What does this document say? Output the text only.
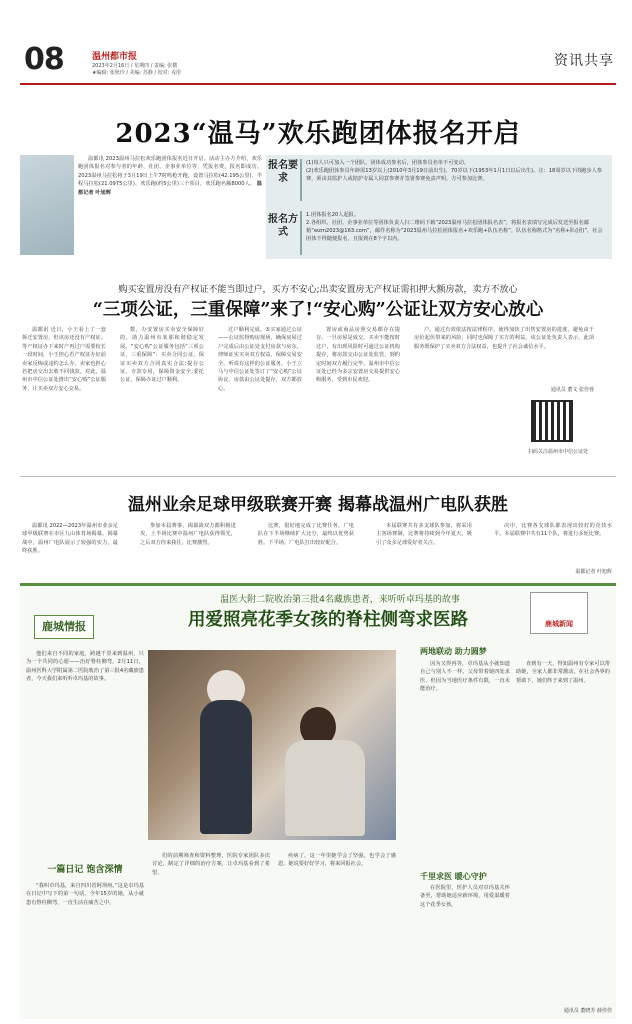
08	温州都市报
2023年2月16日 / 星期四 / 责编: 张横
★编辑: 张秋玲 / 美编: 苏静 / 校对: 戎彤
资讯共享
2023“温马”欢乐跑团体报名开启
温都讯 2023温州马拉松欢乐跑团体报名近日开启。活动主办方介绍，欢乐跑团体报名对参与者的年龄、社团、企事业单位等，凭报名费，报名即成功。2023温州马拉松将于3月19日上午7时鸣枪开跑，设置马拉松(42.195公里)、半程马拉松(21.0975公里)、欢乐跑(约5公里)三个项目，欢乐跑名额8000人。 温都记者 叶旭辉
报名要求
(1)每人只可加入一个团队，团体成功参名后，团体参员名单不可变动。
(2)欢乐跑团体参员年龄需13岁以上(2010年3月19日前出生)，70岁以下(1953年1月1日以后出生)。注：18周岁以下的跑步人参赛，须由其监护人或陪护专属人同意参赛并签署参赛免责声明，方可参加比赛。
报名方式
1.团体报名20人起报。
2.各组织、社团、企事业单位等团体负责人扫二维码下载“2023温州马拉松团体报名表”，将报名表填写完成后发送至报名邮箱“wzm2023@163.com”，邮件名称为“2023温州马拉松团体报名+欢乐跑+队伍名称”，队伍名称格式为“名称+队(团)”，社会团体不得随便报名，且报到在8个字以内。
购买安置房没有产权证不能当即过户，买方不安心;出卖安置房无产权证需扣押大额房款，卖方不放心
“三项公证，三重保障”来了!“安心购”公证让双方安心放心
温都讯 近日，小王看上了一套拆迁安置房，但该房还没有产权证。等产权证办下来时产再过户需要较长一段时间，小王担心若产权证办好前卖家反悔或违约怎么办。卖家也担心若把房交出去收不回钱款。对此，温州市中信公证处推出“安心购”公证服务，让买卖双方安心交易。
数，办安置房买卖安全保障好的，助力温州市某那和谐稳定发展。“安心购”公证服务包括“三项公证，三重保障”：买卖合同公证，保证买卖双方合同真实合法;提存公证，专款专用，保障资金安全;委托公证，保障办证过户顺利。
过户顺利完成。⑤买家通过公证——公证监督购房现场，确保房屋过户完成后由公证处支付房款与房东。律师证实买卖双方权益，保障交易安全。听说有这样的公证服务，小王立马与中信公证处签订了“安心购”公证协议，房款由公证处提存，双方都放心。
置房或商品房照交易都存在提存。一旦房屋是成交，买卖不能按时过户，有出现风险时可通过公证机构提存，将房款交由公证处监管，到约定时间双方履行完毕。温州市中信公证处已经为多宗安置房交易提供安心购服务，受到市民欢迎。
户。通过有效依法按法律程序，使得加快了出售安置房的进度，避免由于房价起伏带来的风险，同时也保障了买方的利益。该公证处负责人表示，此项服务既保护了买卖双方合法权益，也提升了社会诚信水平。
通讯员 董文 张佳蓉
扫码关注温州市中信公证处
温州业余足球甲级联赛开赛 揭幕战温州广电队获胜
温都讯 2022—2023年温州市业余足球甲级联赛在市区九山体育场揭幕。揭幕战中，温州广电队展示了较强的实力，最终获胜。
参加本届赛事，揭幕战双方都积极进攻，上半场比赛中温州广电队获得领先，之后双方你来我往，比赛激烈。
比赛，很好地完成了比赛任务，广电队在下半场继续扩大比分，最终以优势获胜。下半场，广电队打出较好配合。
本届联赛共有多支球队参加，将采用主客场赛制，比赛将持续到今年夏天，吸引了众多足球爱好者关注。
决中，比赛各支球队都表现出较好的竞技水平。本届联赛中共有11个队，将进行多轮比赛。
温都记者 叶旭辉
鹿城情报
温医大附二院收治第三批4名藏族患者，来听听卓玛基的故事
用爱照亮花季女孩的脊柱侧弯求医路	鹿城新闻
他们来自不同的家庭，跨越千里来到温州，只为一个共同的心愿——治好脊柱侧弯。2月11日，温州医科大学附属第二医院收治了第三批4名藏族患者，今天我们来听听卓玛基的故事。
一篇日记 饱含深情
“我叫卓玛基，来自四川省阿坝州。”这是卓玛基在日记中写下的第一句话。今年15岁的她，从小就患有脊柱侧弯，一直生活在痛苦之中。
们的前期筛查和资料整理，医院专家团队多次讨论，制定了详细的治疗方案，让卓玛基看到了希望。
疾病了。这一年里她学会了坚强，也学会了感恩，她说要好好学习，将来回报社会。
两地联动 助力圆梦
因为又得再等，卓玛基从小就知道自己与别人不一样。父母带着她四处求医，但因为当地医疗条件有限，一直未能治疗。
直到有一天，得知温州有专家可以帮助她，全家人都非常激动。在社会各界的帮助下，她们终于来到了温州。
千里求医 暖心守护
在医院里，医护人员对卓玛基关怀备至，帮助她适应新环境，用爱温暖着这个花季女孩。
通讯员 董晓芳 薛佳佳
